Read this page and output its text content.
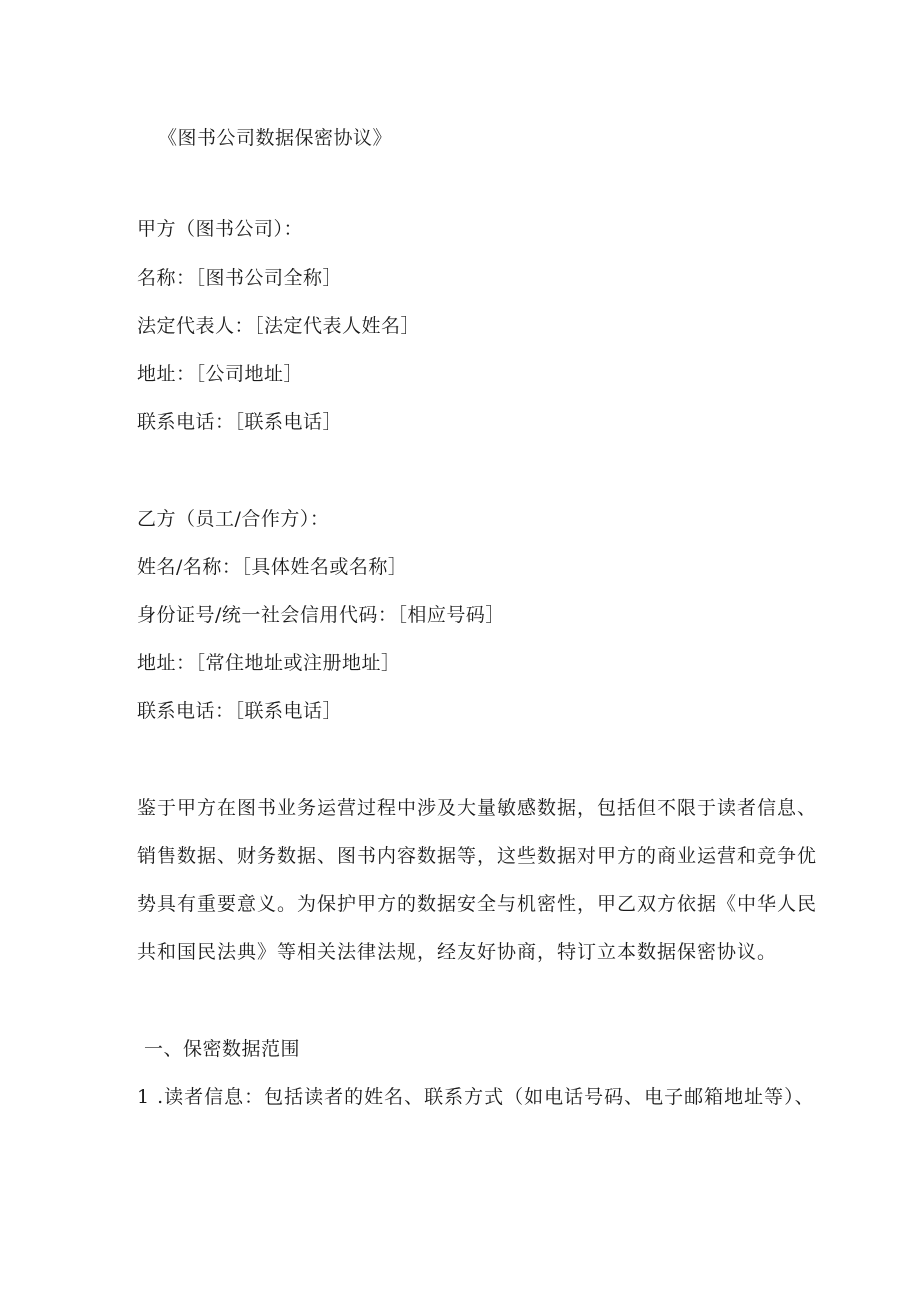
《图书公司数据保密协议》
甲方（图书公司）：
名称：［图书公司全称］
法定代表人：［法定代表人姓名］
地址：［公司地址］
联系电话：［联系电话］
乙方（员工/合作方）：
姓名/名称：［具体姓名或名称］
身份证号/统一社会信用代码：［相应号码］
地址：［常住地址或注册地址］
联系电话：［联系电话］
鉴于甲方在图书业务运营过程中涉及大量敏感数据，包括但不限于读者信息、
销售数据、财务数据、图书内容数据等，这些数据对甲方的商业运营和竞争优
势具有重要意义。为保护甲方的数据安全与机密性，甲乙双方依据《中华人民
共和国民法典》等相关法律法规，经友好协商，特订立本数据保密协议。
一、保密数据范围
1 .读者信息：包括读者的姓名、联系方式（如电话号码、电子邮箱地址等）、
